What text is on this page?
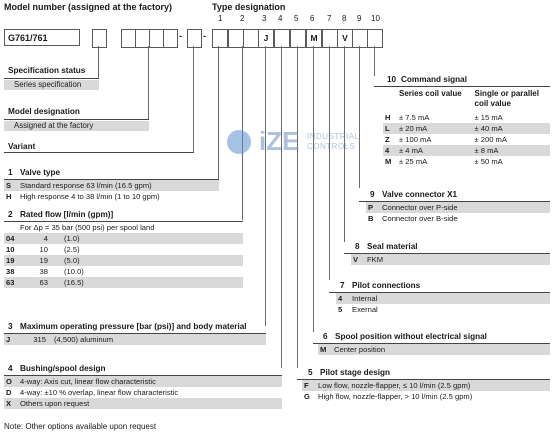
Model number (assigned at the factory)	Type designation
1 2 3 4 5 6 7 8 9 10
G761/761	- -	J	M	V
Specification status
Series specification
Model designation
Assigned at the factory
Variant
1 Valve type
S	Standard response 63 l/min (16.5 gpm)
H	High response 4 to 38 l/min (1 to 10 gpm)
2 Rated flow [l/min (gpm)]
	For Δp = 35 bar (500 psi) per spool land	
04	4	(1.0)
10	10	(2.5)
19	19	(5.0)
38	38	(10.0)
63	63	(16.5)
3 Maximum operating pressure [bar (psi)] and body material
J	315	(4,500) aluminum
4 Bushing/spool design
O	4-way: Axis cut, linear flow characteristic
D	4-way: ±10 % overlap, linear flow characteristic
X	Others upon request
10 Command signal
	Series coil value	Single or parallel
coil value
H	± 7.5 mA	± 15 mA
L	± 20 mA	± 40 mA
Z	± 100 mA	± 200 mA
4	± 4 mA	± 8 mA
M	± 25 mA	± 50 mA
9 Valve connector X1
P	Connector over P-side
B	Connector over B-side
8 Seal material
V	FKM
7 Pilot connections
4	Internal
5	Exernal
6 Spool position without electrical signal
M	Center position
5 Pilot stage design
F	Low flow, nozzle-flapper, ≤ 10 l/min (2.5 gpm)
G	High flow, nozzle-flapper, > 10 l/min (2.5 gpm)
iZE INDUSTRIAL
CONTROLS
Note: Other options available upon request
